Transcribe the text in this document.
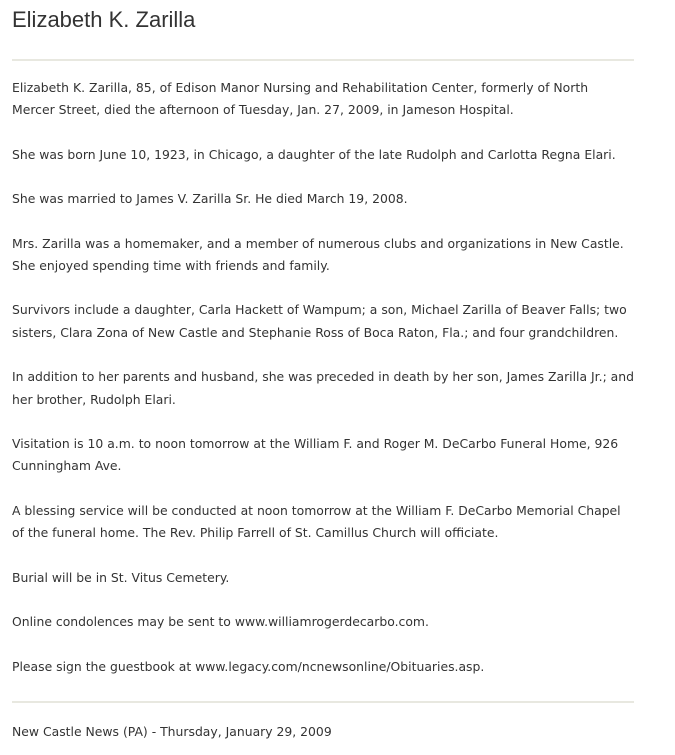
Elizabeth K. Zarilla

Elizabeth K. Zarilla, 85, of Edison Manor Nursing and Rehabilitation Center, formerly of North Mercer Street, died the afternoon of Tuesday, Jan. 27, 2009, in Jameson Hospital.

She was born June 10, 1923, in Chicago, a daughter of the late Rudolph and Carlotta Regna Elari.

She was married to James V. Zarilla Sr. He died March 19, 2008.

Mrs. Zarilla was a homemaker, and a member of numerous clubs and organizations in New Castle. She enjoyed spending time with friends and family.

Survivors include a daughter, Carla Hackett of Wampum; a son, Michael Zarilla of Beaver Falls; two sisters, Clara Zona of New Castle and Stephanie Ross of Boca Raton, Fla.; and four grandchildren.

In addition to her parents and husband, she was preceded in death by her son, James Zarilla Jr.; and her brother, Rudolph Elari.

Visitation is 10 a.m. to noon tomorrow at the William F. and Roger M. DeCarbo Funeral Home, 926 Cunningham Ave.

A blessing service will be conducted at noon tomorrow at the William F. DeCarbo Memorial Chapel of the funeral home. The Rev. Philip Farrell of St. Camillus Church will officiate.

Burial will be in St. Vitus Cemetery.

Online condolences may be sent to www.williamrogerdecarbo.com.

Please sign the guestbook at www.legacy.com/ncnewsonline/Obituaries.asp.

New Castle News (PA) - Thursday, January 29, 2009
